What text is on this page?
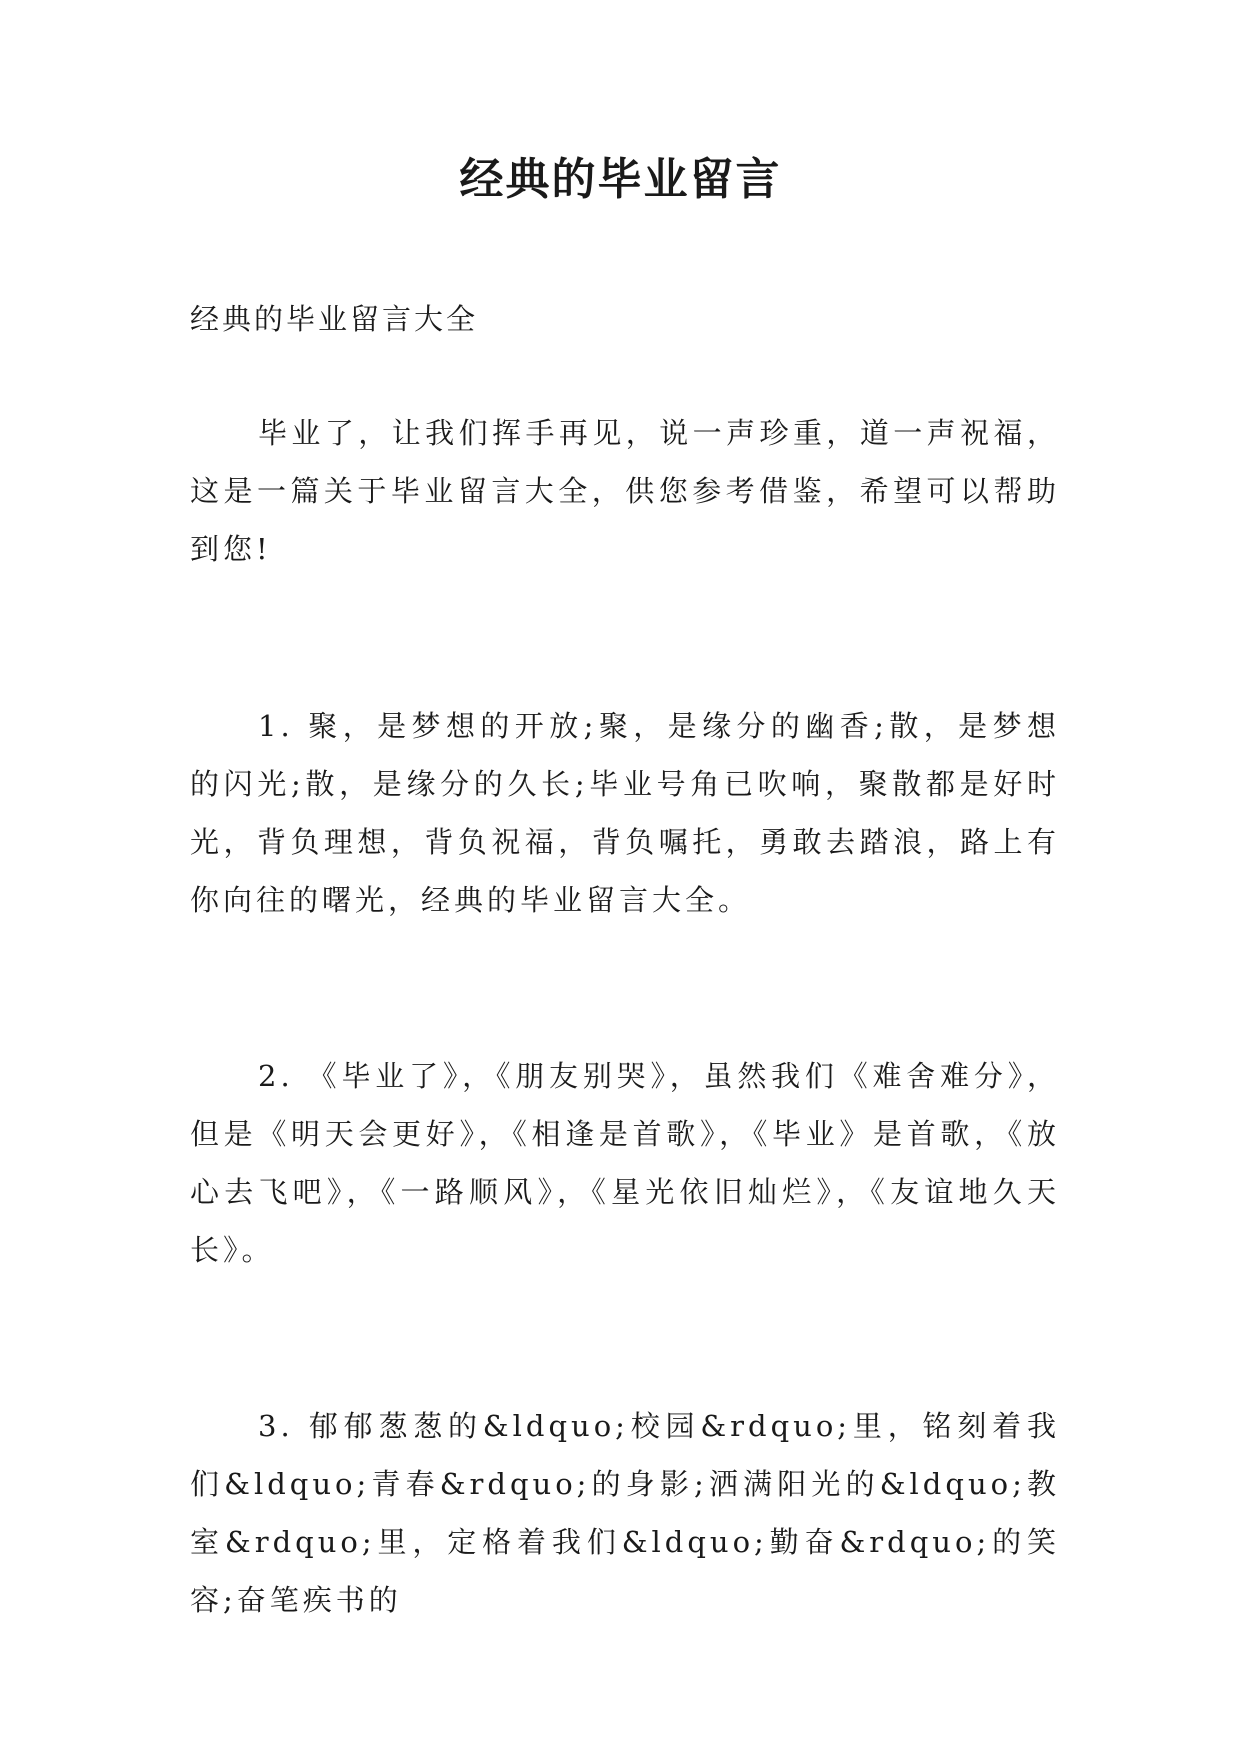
经典的毕业留言

经典的毕业留言大全

毕业了，让我们挥手再见，说一声珍重，道一声祝福，这是一篇关于毕业留言大全，供您参考借鉴，希望可以帮助到您!

1. 聚，是梦想的开放;聚，是缘分的幽香;散，是梦想的闪光;散，是缘分的久长;毕业号角已吹响，聚散都是好时光，背负理想，背负祝福，背负嘱托，勇敢去踏浪，路上有你向往的曙光，经典的毕业留言大全。

2. 《毕业了》，《朋友别哭》，虽然我们《难舍难分》，但是《明天会更好》，《相逢是首歌》，《毕业》是首歌，《放心去飞吧》，《一路顺风》，《星光依旧灿烂》，《友谊地久天长》。

3. 郁郁葱葱的&ldquo;校园&rdquo;里，铭刻着我们&ldquo;青春&rdquo;的身影;洒满阳光的&ldquo;教室&rdquo;里，定格着我们&ldquo;勤奋&rdquo;的笑容;奋笔疾书的
